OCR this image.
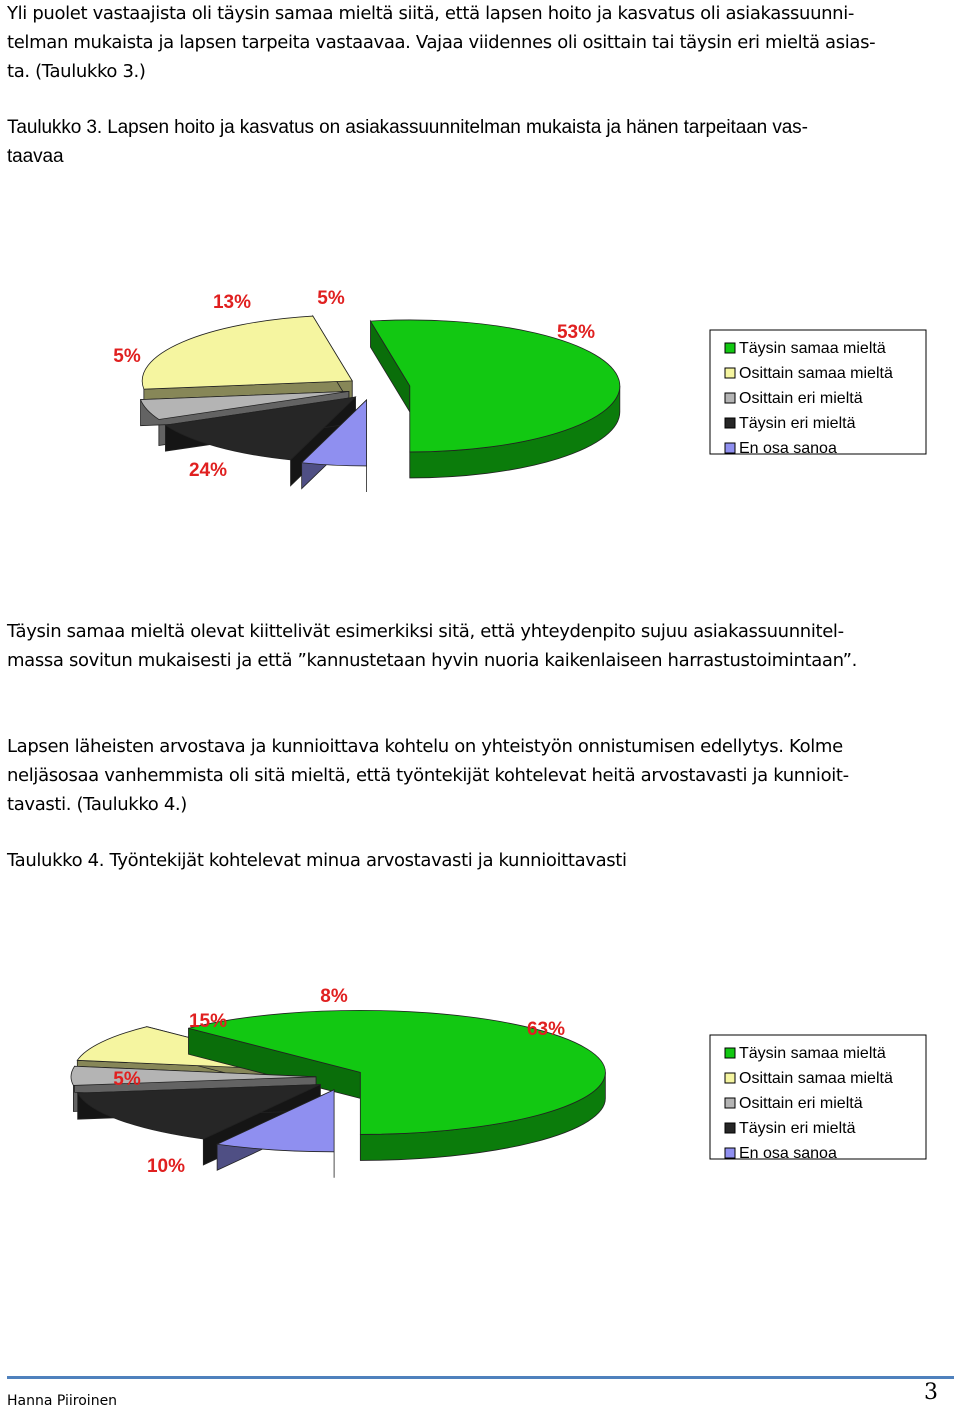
Yli puolet vastaajista oli täysin samaa mieltä siitä, että lapsen hoito ja kasvatus oli asiakassuunni-
telman mukaista ja lapsen tarpeita vastaavaa. Vajaa viidennes oli osittain tai täysin eri mieltä asias-
ta. (Taulukko 3.)
Taulukko 3. Lapsen hoito ja kasvatus on asiakassuunnitelman mukaista ja hänen tarpeitaan vas-
taavaa
53%
24%
5%
13%	5%
Täysin samaa mieltä
Osittain samaa mieltä
Osittain eri mieltä
Täysin eri mieltä
En osa sanoa
Täysin samaa mieltä olevat kiittelivät esimerkiksi sitä, että yhteydenpito sujuu asiakassuunnitel-
massa sovitun mukaisesti ja että ”kannustetaan hyvin nuoria kaikenlaiseen harrastustoimintaan”.
Lapsen läheisten arvostava ja kunnioittava kohtelu on yhteistyön onnistumisen edellytys. Kolme
neljäsosaa vanhemmista oli sitä mieltä, että työntekijät kohtelevat heitä arvostavasti ja kunnioit-
tavasti. (Taulukko 4.)
Taulukko 4. Työntekijät kohtelevat minua arvostavasti ja kunnioittavasti
63%
10%
5%
15%
8%
Täysin samaa mieltä
Osittain samaa mieltä
Osittain eri mieltä
Täysin eri mieltä
En osa sanoa
Hanna Piiroinen	3
